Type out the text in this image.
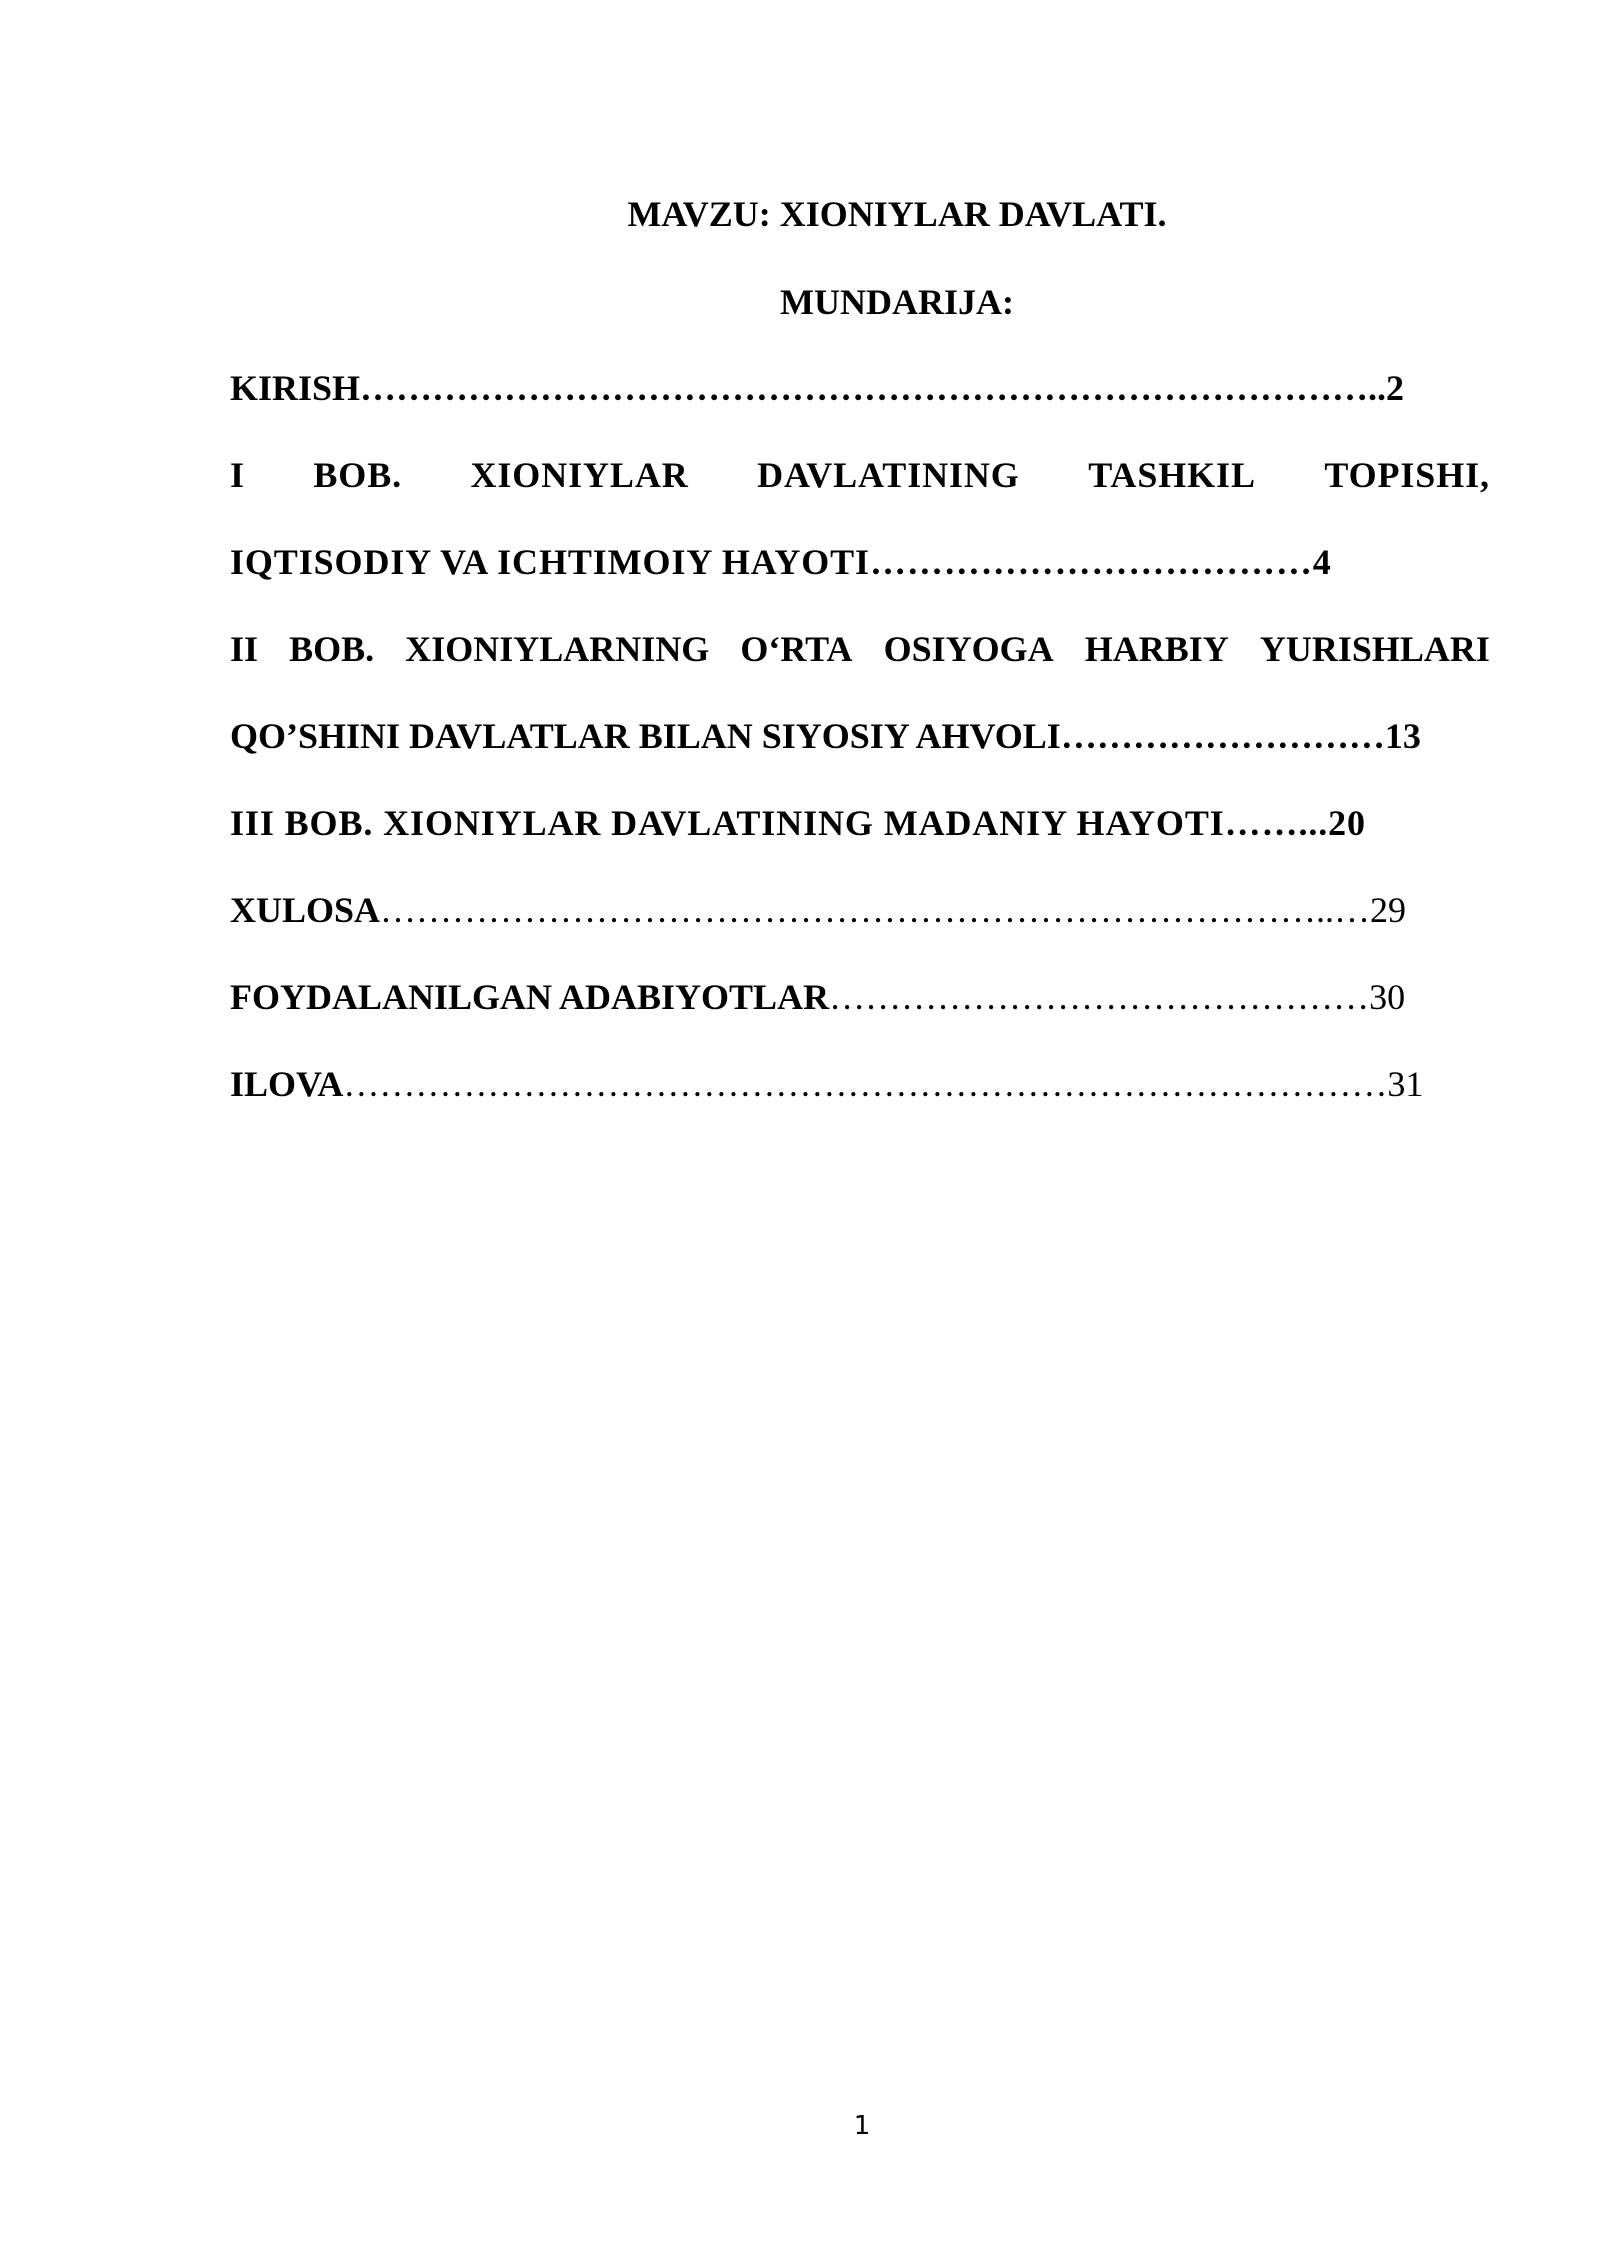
MAVZU: XIONIYLAR DAVLATI.
MUNDARIJA:
KIRISH…………………………………………………………………………..2
I BOB. XIONIYLAR DAVLATINING TASHKIL TOPISHI,
IQTISODIY VA ICHTIMOIY HAYOTI………………………………4
II BOB. XIONIYLARNING O‘RTA OSIYOGA HARBIY YURISHLARI
QO’SHINI DAVLATLAR BILAN SIYOSIY AHVOLI………………………13
III BOB. XIONIYLAR DAVLATINING MADANIY HAYOTI……...20
XULOSA……………………………………………………………………..…29
FOYDALANILGAN ADABIYOTLAR………………………………………30
ILOVA……………………………………………………………………………31
1
